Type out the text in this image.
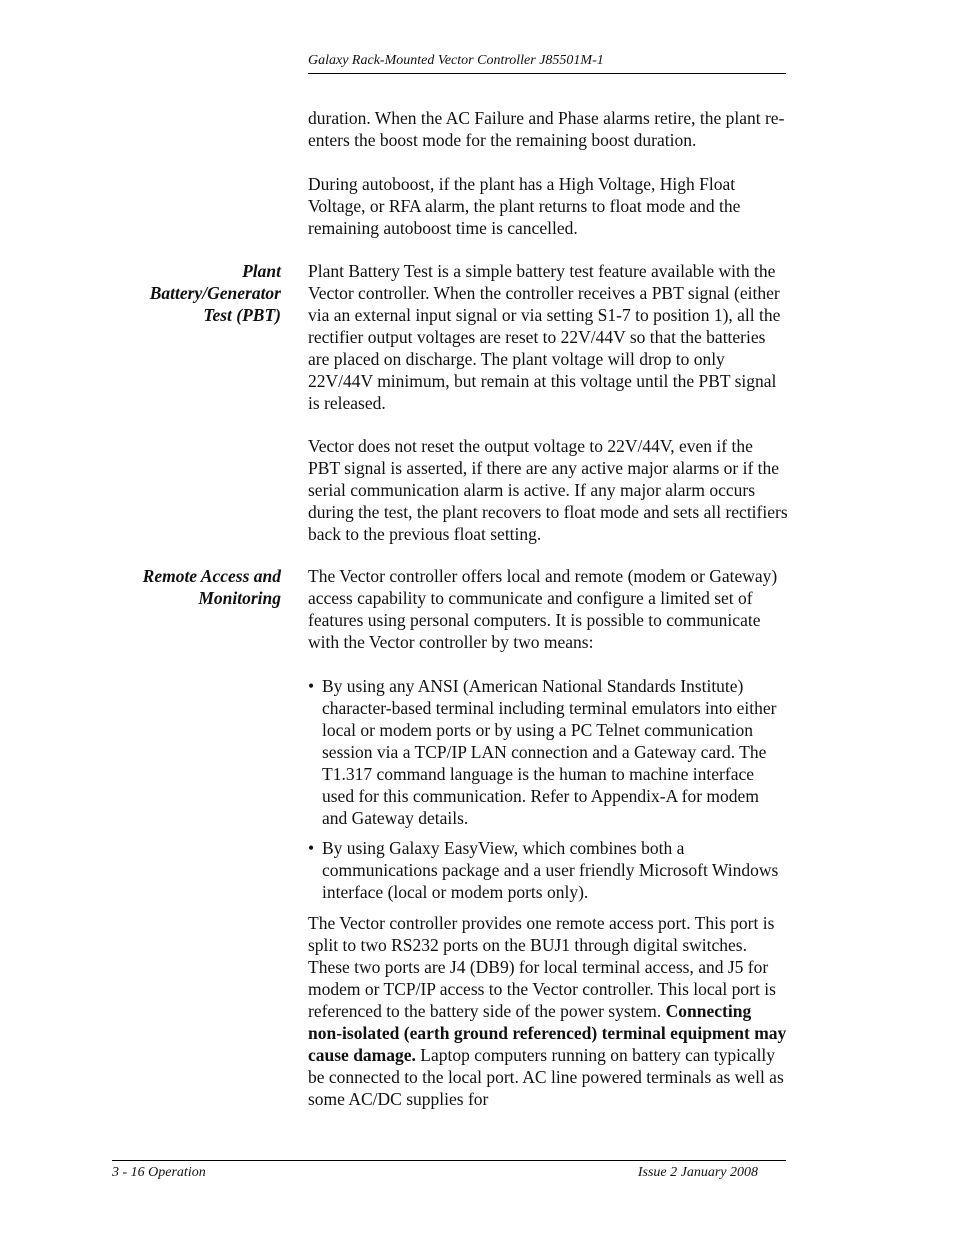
Galaxy Rack-Mounted Vector Controller J85501M-1

duration. When the AC Failure and Phase alarms retire, the plant re-enters the boost mode for the remaining boost duration.

During autoboost, if the plant has a High Voltage, High Float Voltage, or RFA alarm, the plant returns to float mode and the remaining autoboost time is cancelled.

Plant
Battery/Generator
Test (PBT)

Plant Battery Test is a simple battery test feature available with the Vector controller. When the controller receives a PBT signal (either via an external input signal or via setting S1-7 to position 1), all the rectifier output voltages are reset to 22V/44V so that the batteries are placed on discharge. The plant voltage will drop to only 22V/44V minimum, but remain at this voltage until the PBT signal is released.

Vector does not reset the output voltage to 22V/44V, even if the PBT signal is asserted, if there are any active major alarms or if the serial communication alarm is active. If any major alarm occurs during the test, the plant recovers to float mode and sets all rectifiers back to the previous float setting.

Remote Access and
Monitoring

The Vector controller offers local and remote (modem or Gateway) access capability to communicate and configure a limited set of features using personal computers. It is possible to communicate with the Vector controller by two means:

• By using any ANSI (American National Standards Institute) character-based terminal including terminal emulators into either local or modem ports or by using a PC Telnet communication session via a TCP/IP LAN connection and a Gateway card. The T1.317 command language is the human to machine interface used for this communication. Refer to Appendix-A for modem and Gateway details.
• By using Galaxy EasyView, which combines both a communications package and a user friendly Microsoft Windows interface (local or modem ports only).

The Vector controller provides one remote access port. This port is split to two RS232 ports on the BUJ1 through digital switches. These two ports are J4 (DB9) for local terminal access, and J5 for modem or TCP/IP access to the Vector controller. This local port is referenced to the battery side of the power system. Connecting non-isolated (earth ground referenced) terminal equipment may cause damage. Laptop computers running on battery can typically be connected to the local port. AC line powered terminals as well as some AC/DC supplies for

3 - 16 Operation	Issue 2 January 2008
